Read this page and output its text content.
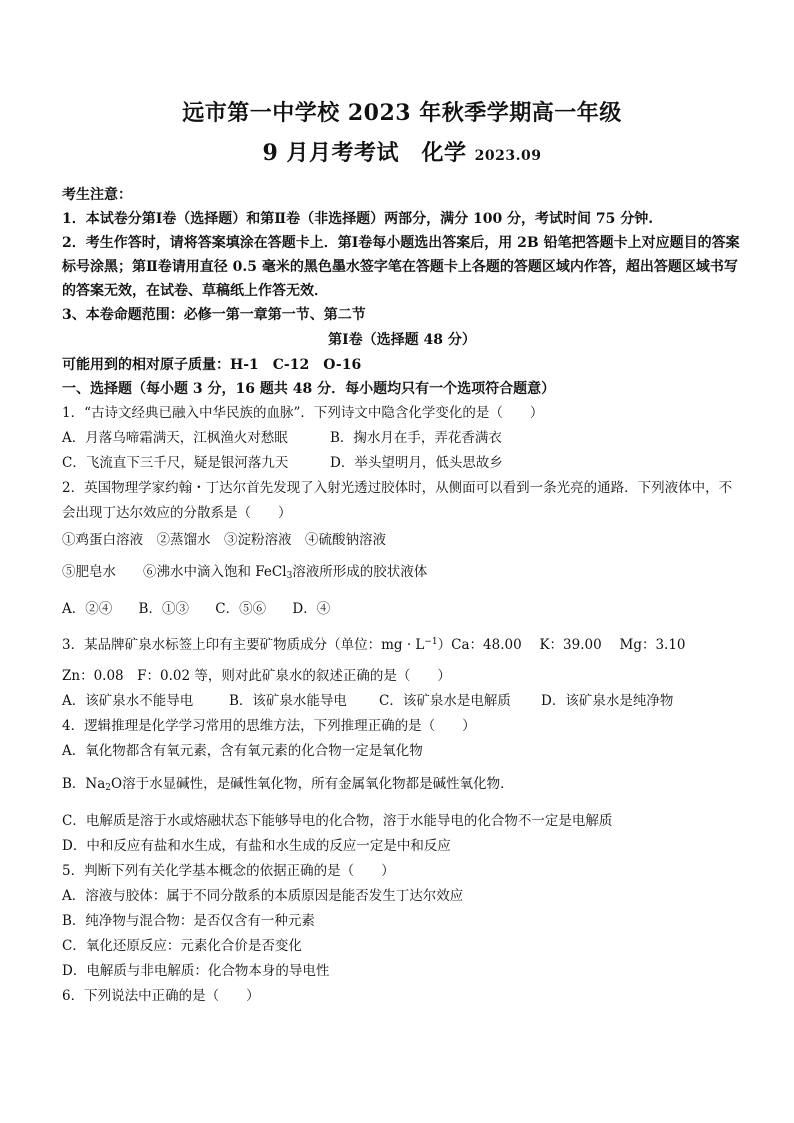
远市第一中学校 2023 年秋季学期高一年级
9 月月考考试　化学 2023.09
考生注意：
1．本试卷分第Ⅰ卷（选择题）和第Ⅱ卷（非选择题）两部分，满分 100 分，考试时间 75 分钟.
2．考生作答时，请将答案填涂在答题卡上．第Ⅰ卷每小题选出答案后，用 2B 铅笔把答题卡上对应题目的答案标号涂黑；第Ⅱ卷请用直径 0.5 毫米的黑色墨水签字笔在答题卡上各题的答题区域内作答，超出答题区域书写的答案无效，在试卷、草稿纸上作答无效．
3、本卷命题范围：必修一第一章第一节、第二节
第Ⅰ卷（选择题 48 分）
可能用到的相对原子质量：H-1　C-12　O-16
一、选择题（每小题 3 分，16 题共 48 分．每小题均只有一个选项符合题意）
1．“古诗文经典已融入中华民族的血脉”．下列诗文中隐含化学变化的是（　　）
A．月落乌啼霜满天，江枫渔火对愁眠	B．掬水月在手，弄花香满衣
C．飞流直下三千尺，疑是银河落九天	D．举头望明月，低头思故乡
2．英国物理学家约翰・丁达尔首先发现了入射光透过胶体时，从侧面可以看到一条光亮的通路．下列液体中，不会出现丁达尔效应的分散系是（　　）
①鸡蛋白溶液　②蒸馏水　③淀粉溶液　④硫酸钠溶液
⑤肥皂水　　⑥沸水中滴入饱和 FeCl$_3$溶液所形成的胶状液体
A．②④ B．①③ C．⑤⑥ D．④
3．某品牌矿泉水标签上印有主要矿物质成分（单位：mg · $L^{-1})Ca$：48.00　 K：39.00　 Mg：3.10
Zn：0.08　F：0.02 等，则对此矿泉水的叙述正确的是（　　）
A．该矿泉水不能导电	B．该矿泉水能导电	C．该矿泉水是电解质	D．该矿泉水是纯净物
4．逻辑推理是化学学习常用的思维方法，下列推理正确的是（　　）
A．氧化物都含有氧元素，含有氧元素的化合物一定是氧化物
B．$Na_2O$溶于水显碱性，是碱性氧化物，所有金属氧化物都是碱性氧化物．
C．电解质是溶于水或熔融状态下能够导电的化合物，溶于水能导电的化合物不一定是电解质
D．中和反应有盐和水生成，有盐和水生成的反应一定是中和反应
5．判断下列有关化学基本概念的依据正确的是（　　）
A．溶液与胶体：属于不同分散系的本质原因是能否发生丁达尔效应
B．纯净物与混合物：是否仅含有一种元素
C．氧化还原反应：元素化合价是否变化
D．电解质与非电解质：化合物本身的导电性
6．下列说法中正确的是（　　）
